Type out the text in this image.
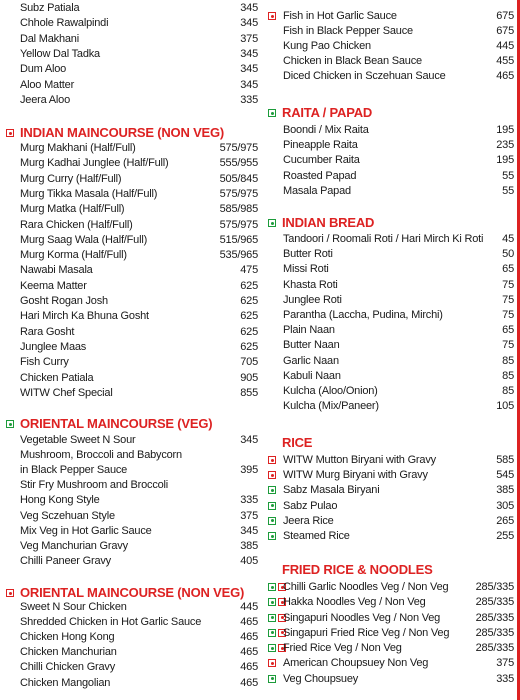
Subz Patiala	345
Chhole Rawalpindi	345
Dal Makhani	375
Yellow Dal Tadka	345
Dum Aloo	345
Aloo Matter	345
Jeera Aloo	335
INDIAN MAINCOURSE (NON VEG)
Murg Makhani (Half/Full)	575/975
Murg Kadhai Junglee (Half/Full)	555/955
Murg Curry (Half/Full)	505/845
Murg Tikka Masala (Half/Full)	575/975
Murg Matka (Half/Full)	585/985
Rara Chicken (Half/Full)	575/975
Murg Saag Wala (Half/Full)	515/965
Murg Korma (Half/Full)	535/965
Nawabi Masala	475
Keema Matter	625
Gosht Rogan Josh	625
Hari Mirch Ka Bhuna Gosht	625
Rara Gosht	625
Junglee Maas	625
Fish Curry	705
Chicken Patiala	905
WITW Chef Special	855
ORIENTAL MAINCOURSE (VEG)
Vegetable Sweet N Sour	345
Mushroom, Broccoli and Babycorn
in Black Pepper Sauce	395
Stir Fry Mushroom and Broccoli
Hong Kong Style	335
Veg Sczehuan Style	375
Mix Veg in Hot Garlic Sauce	345
Veg Manchurian Gravy	385
Chilli Paneer Gravy	405
ORIENTAL MAINCOURSE (NON VEG)
Sweet N Sour Chicken	445
Shredded Chicken in Hot Garlic Sauce	465
Chicken Hong Kong	465
Chicken Manchurian	465
Chilli Chicken Gravy	465
Chicken Mangolian	465
Fish in Hot Garlic Sauce	675
Fish in Black Pepper Sauce	675
Kung Pao Chicken	445
Chicken in Black Bean Sauce	455
Diced Chicken in Sczehuan Sauce	465
RAITA / PAPAD
Boondi / Mix Raita	195
Pineapple Raita	235
Cucumber Raita	195
Roasted Papad	55
Masala Papad	55
INDIAN BREAD
Tandoori / Roomali Roti / Hari Mirch Ki Roti 45
Butter Roti	50
Missi Roti	65
Khasta Roti	75
Junglee Roti	75
Parantha (Laccha, Pudina, Mirchi)	75
Plain Naan	65
Butter Naan	75
Garlic Naan	85
Kabuli Naan	85
Kulcha (Aloo/Onion)	85
Kulcha (Mix/Paneer)	105
RICE
WITW Mutton Biryani with Gravy	585
WITW Murg Biryani with Gravy	545
Sabz Masala Biryani	385
Sabz Pulao	305
Jeera Rice	265
Steamed Rice	255
FRIED RICE & NOODLES
Chilli Garlic Noodles Veg / Non Veg 285/335
Hakka Noodles Veg / Non Veg	285/335
Singapuri Noodles Veg / Non Veg	285/335
Singapuri Fried Rice Veg / Non Veg 285/335
Fried Rice Veg / Non Veg	285/335
American Choupsuey Non Veg	375
Veg Choupsuey	335
